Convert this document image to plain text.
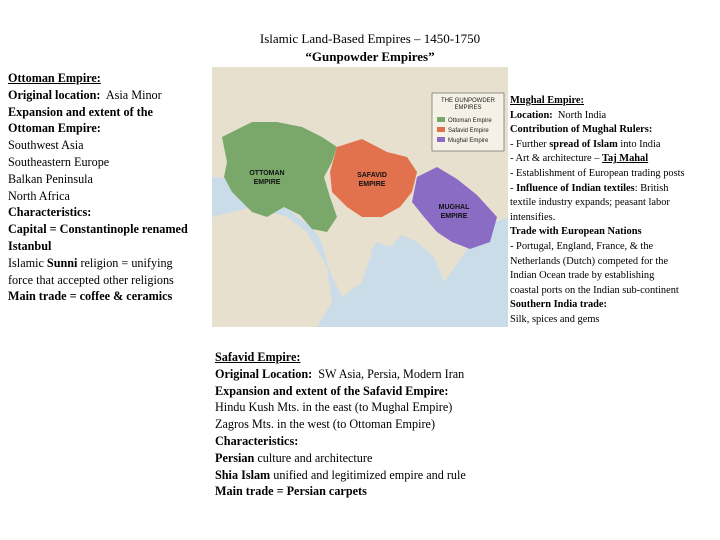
Islamic Land-Based Empires – 1450-1750
“Gunpowder Empires”
Ottoman Empire:
Original location: Asia Minor
Expansion and extent of the
Ottoman Empire:
Southwest Asia
Southeastern Europe
Balkan Peninsula
North Africa
Characteristics:
Capital = Constantinople renamed
Istanbul
Islamic Sunni religion = unifying
force that accepted other religions
Main trade = coffee & ceramics
THE GUNPOWDER
EMPIRES
Ottoman Empire
Safavid Empire
Mughal Empire
OTTOMAN
EMPIRE
SAFAVID
EMPIRE
MUGHAL
EMPIRE
Mughal Empire:
Location: North India
Contribution of Mughal Rulers:
- Further spread of Islam into India
- Art & architecture – Taj Mahal
- Establishment of European trading posts
- Influence of Indian textiles: British
textile industry expands; peasant labor
intensifies.
Trade with European Nations
- Portugal, England, France, & the
Netherlands (Dutch) competed for the
Indian Ocean trade by establishing
coastal ports on the Indian sub-continent
Southern India trade:
Silk, spices and gems
Safavid Empire:
Original Location: SW Asia, Persia, Modern Iran
Expansion and extent of the Safavid Empire:
Hindu Kush Mts. in the east (to Mughal Empire)
Zagros Mts. in the west (to Ottoman Empire)
Characteristics:
Persian culture and architecture
Shia Islam unified and legitimized empire and rule
Main trade = Persian carpets
